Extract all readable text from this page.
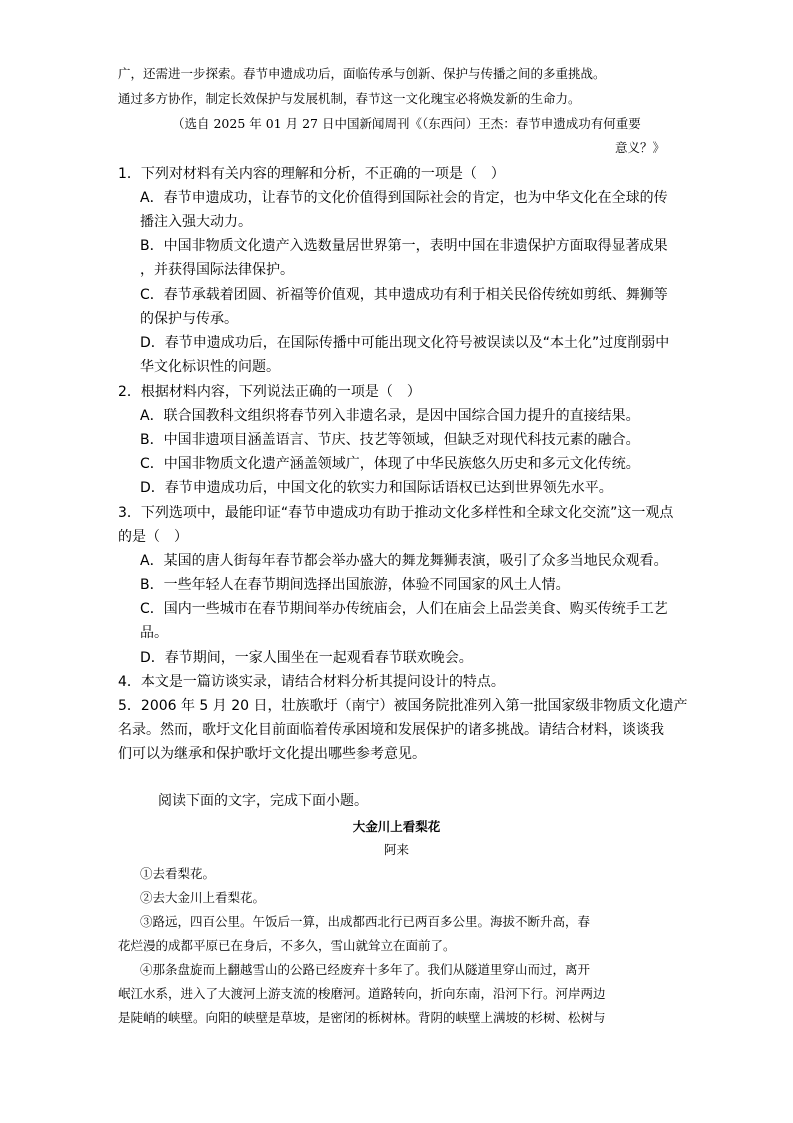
广，还需进一步探索。春节申遗成功后，面临传承与创新、保护与传播之间的多重挑战。
通过多方协作，制定长效保护与发展机制，春节这一文化瑰宝必将焕发新的生命力。
（选自 2025 年 01 月 27 日中国新闻周刊《（东西问）王杰：春节申遗成功有何重要
意义？》
1．下列对材料有关内容的理解和分析，不正确的一项是（　）
A．春节申遗成功，让春节的文化价值得到国际社会的肯定，也为中华文化在全球的传
播注入强大动力。
B．中国非物质文化遗产入选数量居世界第一，表明中国在非遗保护方面取得显著成果
，并获得国际法律保护。
C．春节承载着团圆、祈福等价值观，其申遗成功有利于相关民俗传统如剪纸、舞狮等
的保护与传承。
D．春节申遗成功后，在国际传播中可能出现文化符号被误读以及“本土化”过度削弱中
华文化标识性的问题。
2．根据材料内容，下列说法正确的一项是（　）
A．联合国教科文组织将春节列入非遗名录，是因中国综合国力提升的直接结果。
B．中国非遗项目涵盖语言、节庆、技艺等领域，但缺乏对现代科技元素的融合。
C．中国非物质文化遗产涵盖领域广，体现了中华民族悠久历史和多元文化传统。
D．春节申遗成功后，中国文化的软实力和国际话语权已达到世界领先水平。
3．下列选项中，最能印证“春节申遗成功有助于推动文化多样性和全球文化交流”这一观点
的是（　）
A．某国的唐人街每年春节都会举办盛大的舞龙舞狮表演，吸引了众多当地民众观看。
B．一些年轻人在春节期间选择出国旅游，体验不同国家的风土人情。
C．国内一些城市在春节期间举办传统庙会，人们在庙会上品尝美食、购买传统手工艺
品。
D．春节期间，一家人围坐在一起观看春节联欢晚会。
4．本文是一篇访谈实录，请结合材料分析其提问设计的特点。
5．2006 年 5 月 20 日，壮族歌圩（南宁）被国务院批准列入第一批国家级非物质文化遗产
名录。然而，歌圩文化目前面临着传承困境和发展保护的诸多挑战。请结合材料，谈谈我
们可以为继承和保护歌圩文化提出哪些参考意见。
阅读下面的文字，完成下面小题。
大金川上看梨花
阿来
①去看梨花。
②去大金川上看梨花。
③路远，四百公里。午饭后一算，出成都西北行已两百多公里。海拔不断升高，春
花烂漫的成都平原已在身后，不多久，雪山就耸立在面前了。
④那条盘旋而上翻越雪山的公路已经废弃十多年了。我们从隧道里穿山而过，离开
岷江水系，进入了大渡河上游支流的梭磨河。道路转向，折向东南，沿河下行。河岸两边
是陡峭的峡壁。向阳的峡壁是草坡，是密闭的栎树林。背阴的峡壁上满坡的杉树、松树与
